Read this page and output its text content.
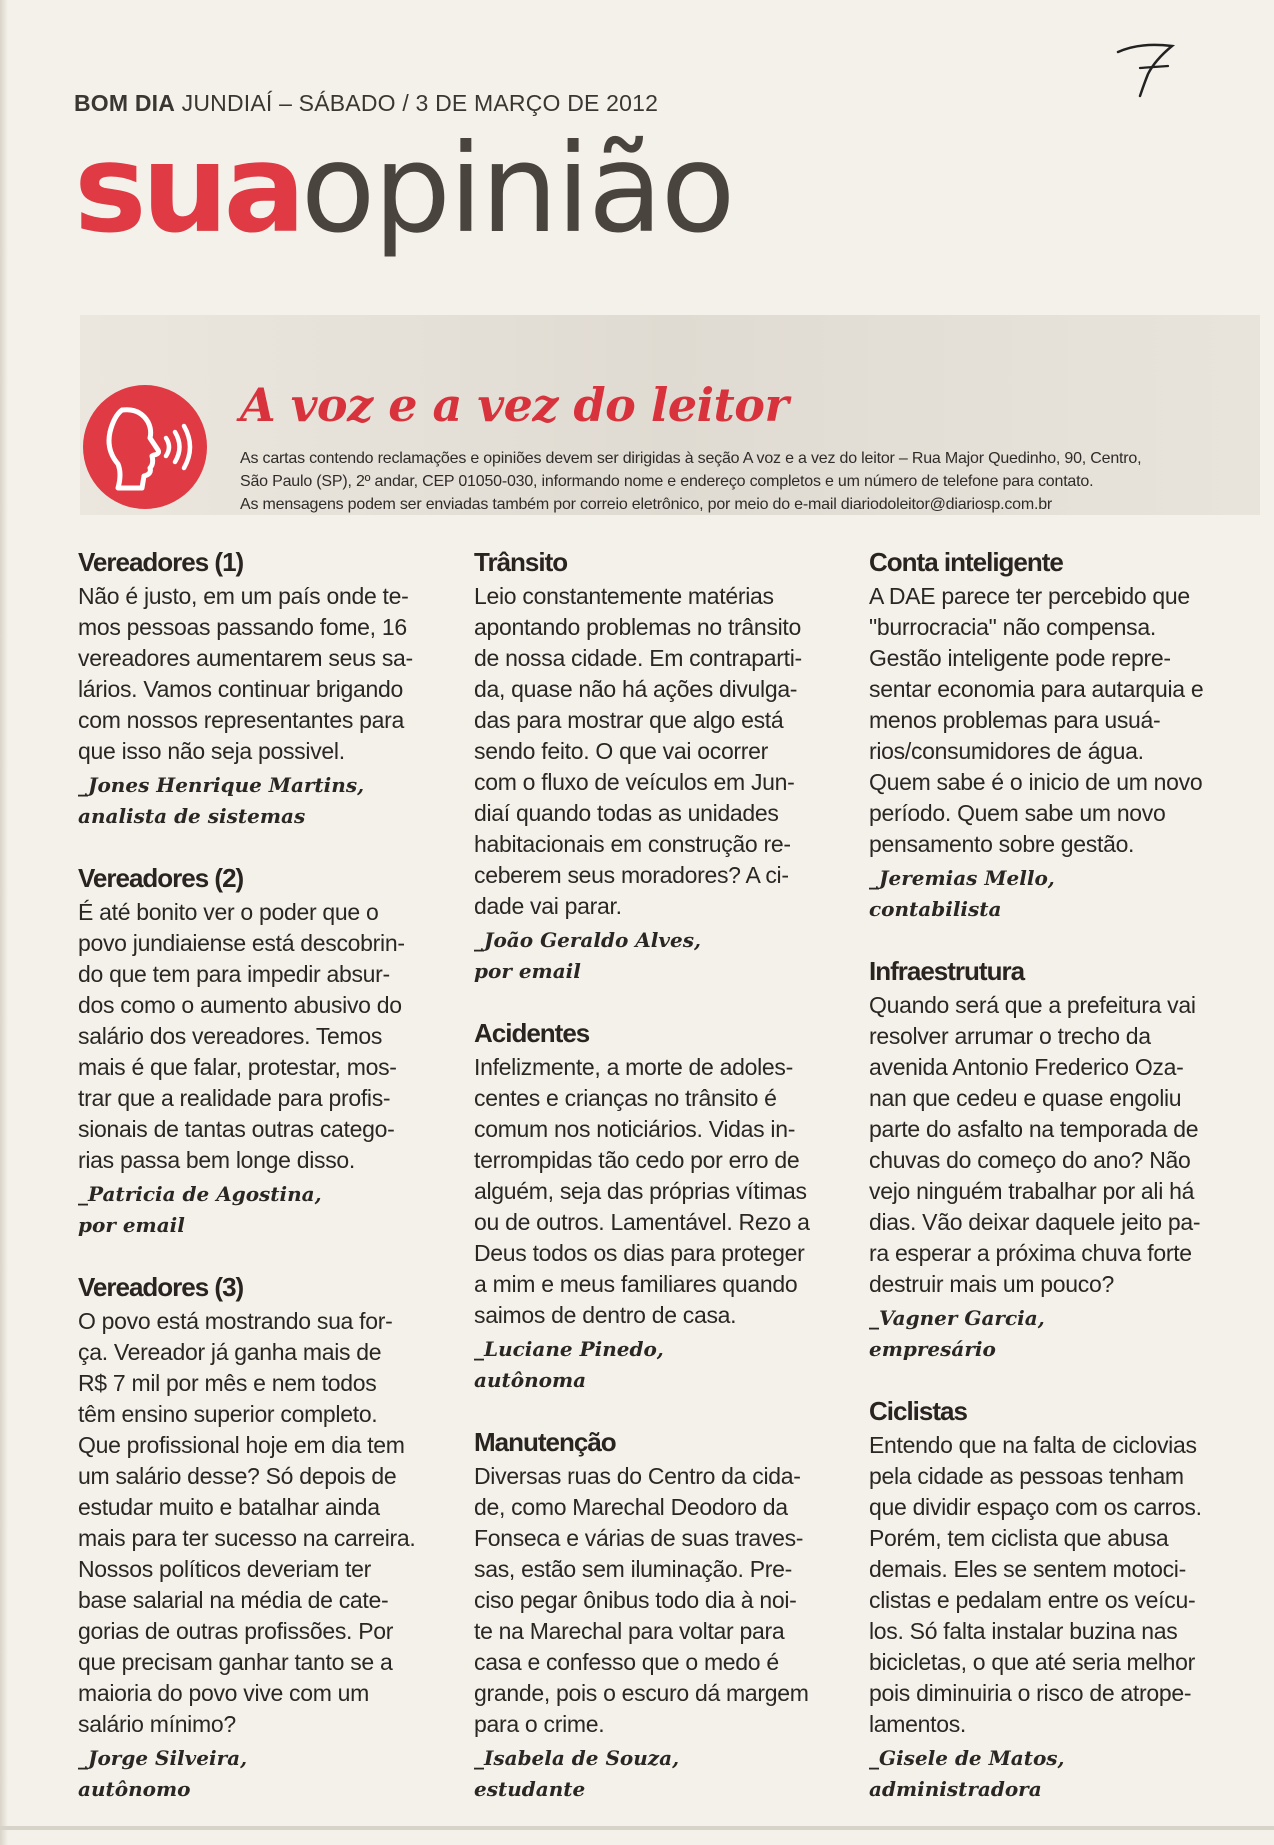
BOM DIA JUNDIAÍ – SÁBADO / 3 DE MARÇO DE 2012
suaopinião
A voz e a vez do leitor
As cartas contendo reclamações e opiniões devem ser dirigidas à seção A voz e a vez do leitor – Rua Major Quedinho, 90, Centro,
São Paulo (SP), 2º andar, CEP 01050-030, informando nome e endereço completos e um número de telefone para contato.
As mensagens podem ser enviadas também por correio eletrônico, por meio do e-mail diariodoleitor@diariosp.com.br
Vereadores (1)

Não é justo, em um país onde te-
mos pessoas passando fome, 16
vereadores aumentarem seus sa-
lários. Vamos continuar brigando
com nossos representantes para
que isso não seja possivel.

_Jones Henrique Martins,
analista de sistemas
Vereadores (2)

É até bonito ver o poder que o
povo jundiaiense está descobrin-
do que tem para impedir absur-
dos como o aumento abusivo do
salário dos vereadores. Temos
mais é que falar, protestar, mos-
trar que a realidade para profis-
sionais de tantas outras catego-
rias passa bem longe disso.

_Patricia de Agostina,
por email
Vereadores (3)

O povo está mostrando sua for-
ça. Vereador já ganha mais de
R$ 7 mil por mês e nem todos
têm ensino superior completo.
Que profissional hoje em dia tem
um salário desse? Só depois de
estudar muito e batalhar ainda
mais para ter sucesso na carreira.
Nossos políticos deveriam ter
base salarial na média de cate-
gorias de outras profissões. Por
que precisam ganhar tanto se a
maioria do povo vive com um
salário mínimo?

_Jorge Silveira,
autônomo
Trânsito

Leio constantemente matérias
apontando problemas no trânsito
de nossa cidade. Em contraparti-
da, quase não há ações divulga-
das para mostrar que algo está
sendo feito. O que vai ocorrer
com o fluxo de veículos em Jun-
diaí quando todas as unidades
habitacionais em construção re-
ceberem seus moradores? A ci-
dade vai parar.

_João Geraldo Alves,
por email
Acidentes

Infelizmente, a morte de adoles-
centes e crianças no trânsito é
comum nos noticiários. Vidas in-
terrompidas tão cedo por erro de
alguém, seja das próprias vítimas
ou de outros. Lamentável. Rezo a
Deus todos os dias para proteger
a mim e meus familiares quando
saimos de dentro de casa.

_Luciane Pinedo,
autônoma
Manutenção

Diversas ruas do Centro da cida-
de, como Marechal Deodoro da
Fonseca e várias de suas traves-
sas, estão sem iluminação. Pre-
ciso pegar ônibus todo dia à noi-
te na Marechal para voltar para
casa e confesso que o medo é
grande, pois o escuro dá margem
para o crime.

_Isabela de Souza,
estudante
Conta inteligente

A DAE parece ter percebido que
"burrocracia" não compensa.
Gestão inteligente pode repre-
sentar economia para autarquia e
menos problemas para usuá-
rios/consumidores de água.
Quem sabe é o inicio de um novo
período. Quem sabe um novo
pensamento sobre gestão.

_Jeremias Mello,
contabilista
Infraestrutura

Quando será que a prefeitura vai
resolver arrumar o trecho da
avenida Antonio Frederico Oza-
nan que cedeu e quase engoliu
parte do asfalto na temporada de
chuvas do começo do ano? Não
vejo ninguém trabalhar por ali há
dias. Vão deixar daquele jeito pa-
ra esperar a próxima chuva forte
destruir mais um pouco?

_Vagner Garcia,
empresário
Ciclistas

Entendo que na falta de ciclovias
pela cidade as pessoas tenham
que dividir espaço com os carros.
Porém, tem ciclista que abusa
demais. Eles se sentem motoci-
clistas e pedalam entre os veícu-
los. Só falta instalar buzina nas
bicicletas, o que até seria melhor
pois diminuiria o risco de atrope-
lamentos.

_Gisele de Matos,
administradora
